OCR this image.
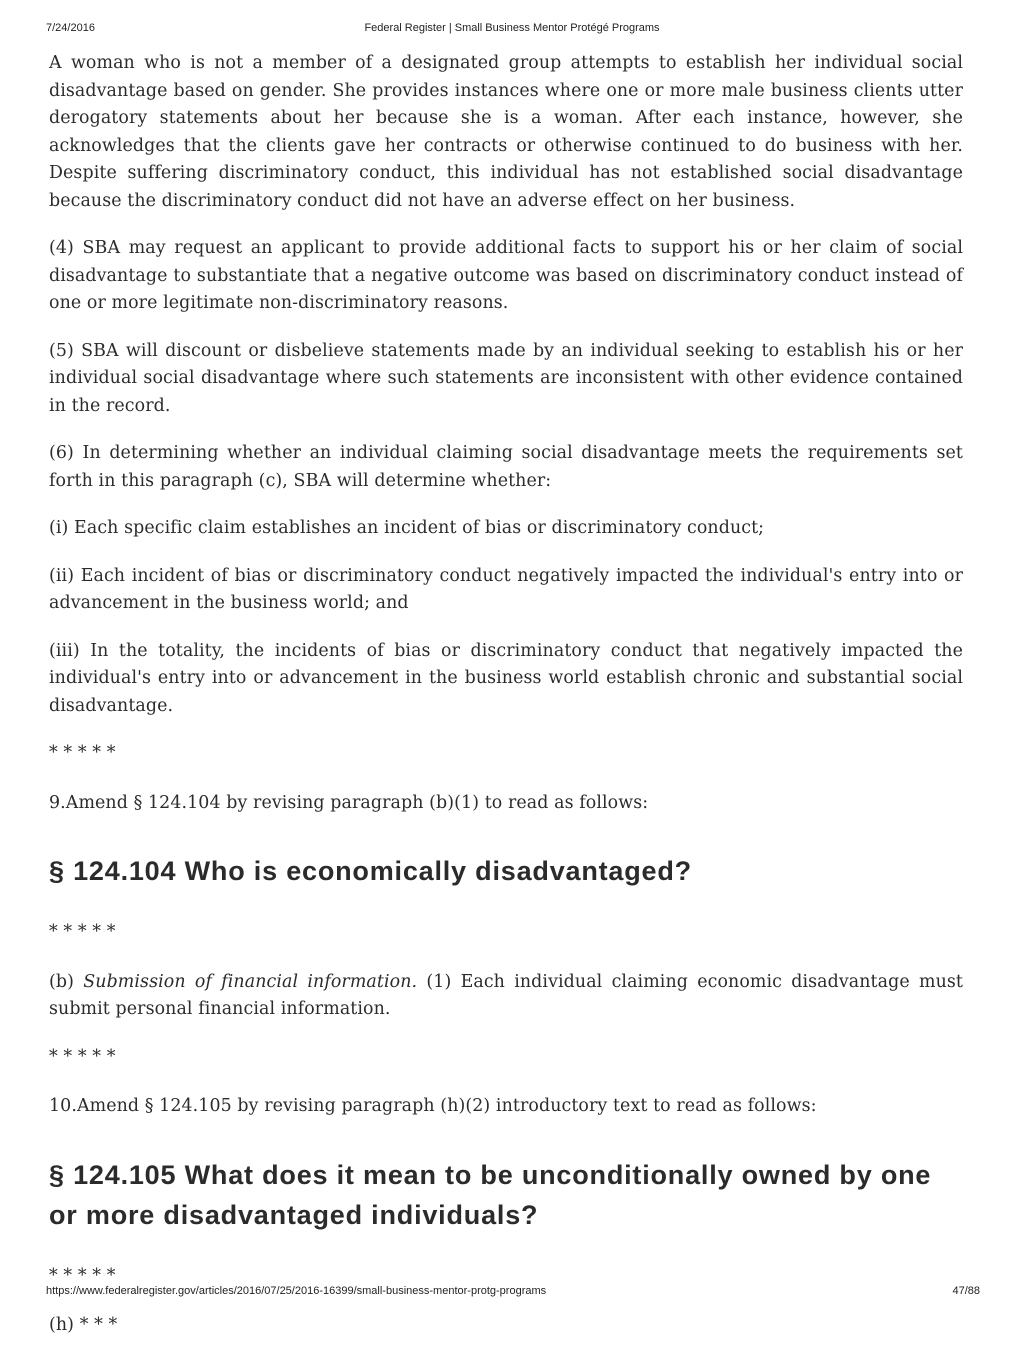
7/24/2016	Federal Register | Small Business Mentor Protégé Programs

A woman who is not a member of a designated group attempts to establish her individual social disadvantage based on gender. She provides instances where one or more male business clients utter derogatory statements about her because she is a woman. After each instance, however, she acknowledges that the clients gave her contracts or otherwise continued to do business with her. Despite suffering discriminatory conduct, this individual has not established social disadvantage because the discriminatory conduct did not have an adverse effect on her business.

(4) SBA may request an applicant to provide additional facts to support his or her claim of social disadvantage to substantiate that a negative outcome was based on discriminatory conduct instead of one or more legitimate non-discriminatory reasons.

(5) SBA will discount or disbelieve statements made by an individual seeking to establish his or her individual social disadvantage where such statements are inconsistent with other evidence contained in the record.

(6) In determining whether an individual claiming social disadvantage meets the requirements set forth in this paragraph (c), SBA will determine whether:

(i) Each specific claim establishes an incident of bias or discriminatory conduct;

(ii) Each incident of bias or discriminatory conduct negatively impacted the individual's entry into or advancement in the business world; and

(iii) In the totality, the incidents of bias or discriminatory conduct that negatively impacted the individual's entry into or advancement in the business world establish chronic and substantial social disadvantage.

* * * * *

9.Amend § 124.104 by revising paragraph (b)(1) to read as follows:

§ 124.104 Who is economically disadvantaged?

* * * * *

(b) Submission of financial information. (1) Each individual claiming economic disadvantage must submit personal financial information.

* * * * *

10.Amend § 124.105 by revising paragraph (h)(2) introductory text to read as follows:

§ 124.105 What does it mean to be unconditionally owned by one or more disadvantaged individuals?

* * * * *

(h) * * *

https://www.federalregister.gov/articles/2016/07/25/2016-16399/small-business-mentor-protg-programs	47/88
